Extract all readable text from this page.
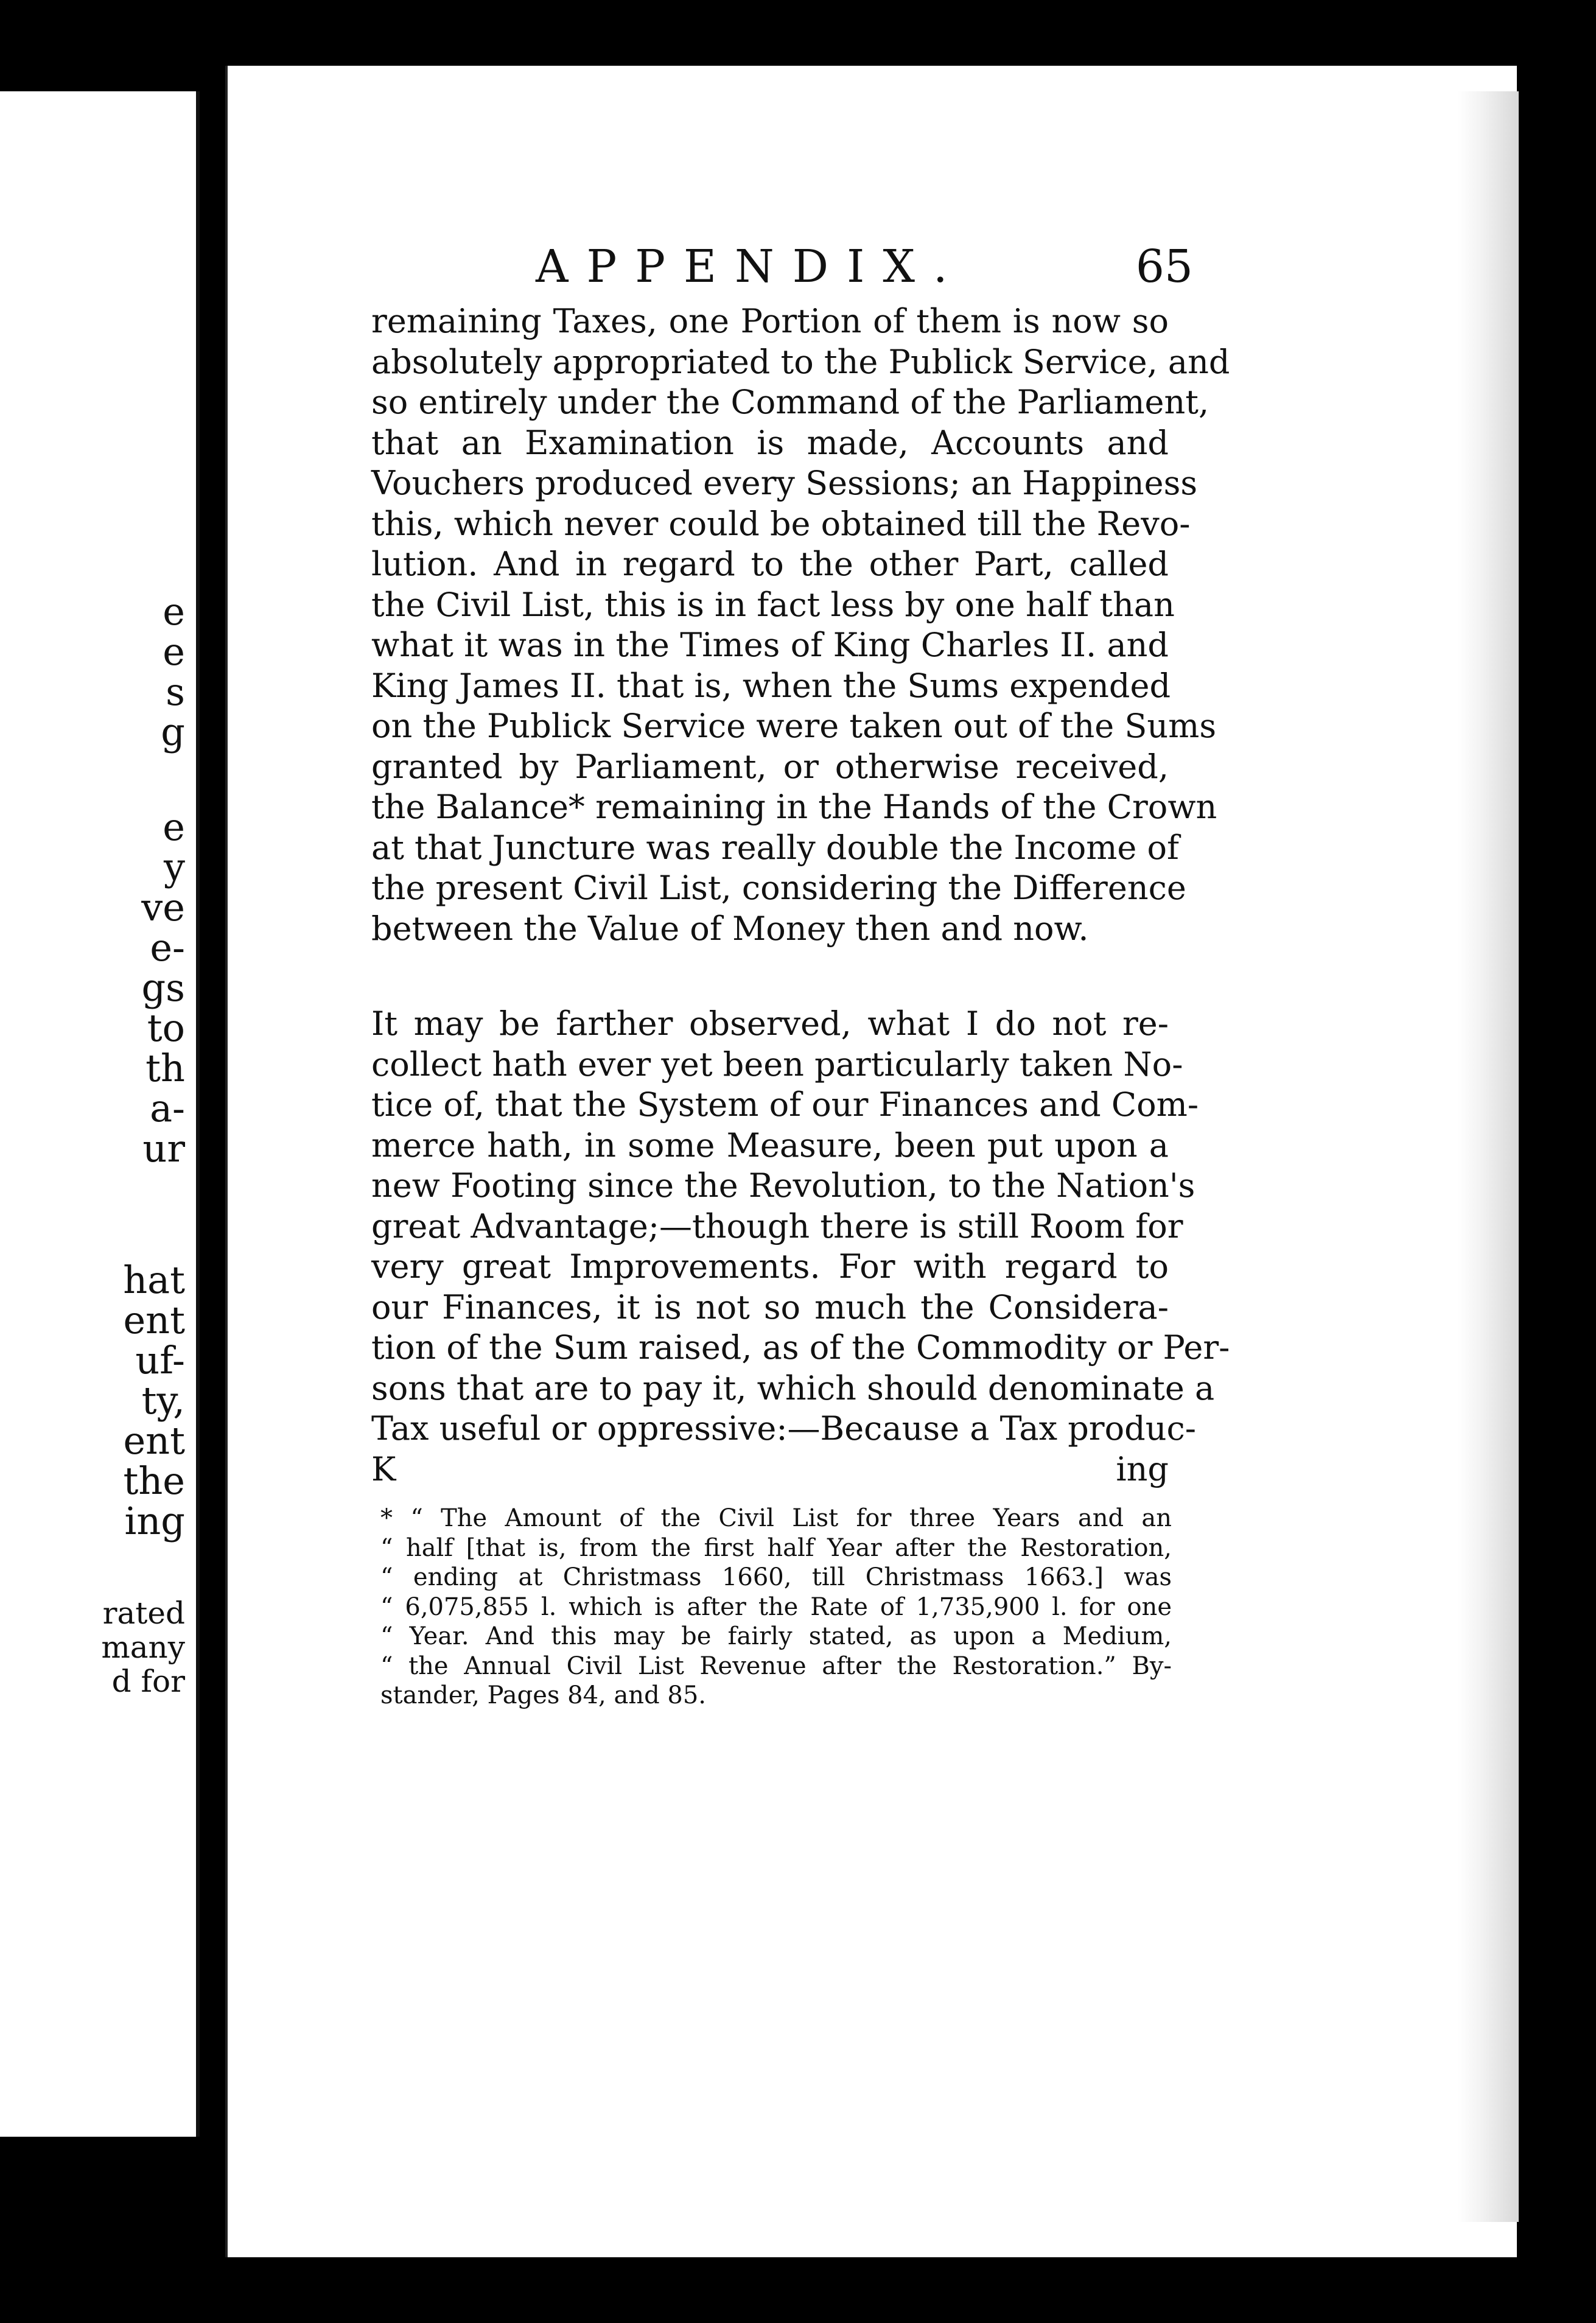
e
e
s
g
e
y
ve
e-
gs
to
th
a-
ur
hat
ent
uf-
ty,
ent
the
ing
rated
many
d for
APPENDIX.	65
remaining Taxes, one Portion of them is now so
absolutely appropriated to the Publick Service, and
so entirely under the Command of the Parliament,
that an Examination is made, Accounts and
Vouchers produced every Sessions; an Happiness
this, which never could be obtained till the Revo-
lution. And in regard to the other Part, called
the Civil List, this is in fact less by one half than
what it was in the Times of King Charles II. and
King James II. that is, when the Sums expended
on the Publick Service were taken out of the Sums
granted by Parliament, or otherwise received,
the Balance* remaining in the Hands of the Crown
at that Juncture was really double the Income of
the present Civil List, considering the Difference
between the Value of Money then and now.
It may be farther observed, what I do not re-
collect hath ever yet been particularly taken No-
tice of, that the System of our Finances and Com-
merce hath, in some Measure, been put upon a
new Footing since the Revolution, to the Nation's
great Advantage;—though there is still Room for
very great Improvements. For with regard to
our Finances, it is not so much the Considera-
tion of the Sum raised, as of the Commodity or Per-
sons that are to pay it, which should denominate a
Tax useful or oppressive:—Because a Tax produc-
K	ing
* “ The Amount of the Civil List for three Years and an
“ half [that is, from the first half Year after the Restoration,
“ ending at Christmass 1660, till Christmass 1663.] was
“ 6,075,855 l. which is after the Rate of 1,735,900 l. for one
“ Year. And this may be fairly stated, as upon a Medium,
“ the Annual Civil List Revenue after the Restoration.” By-
stander, Pages 84, and 85.
